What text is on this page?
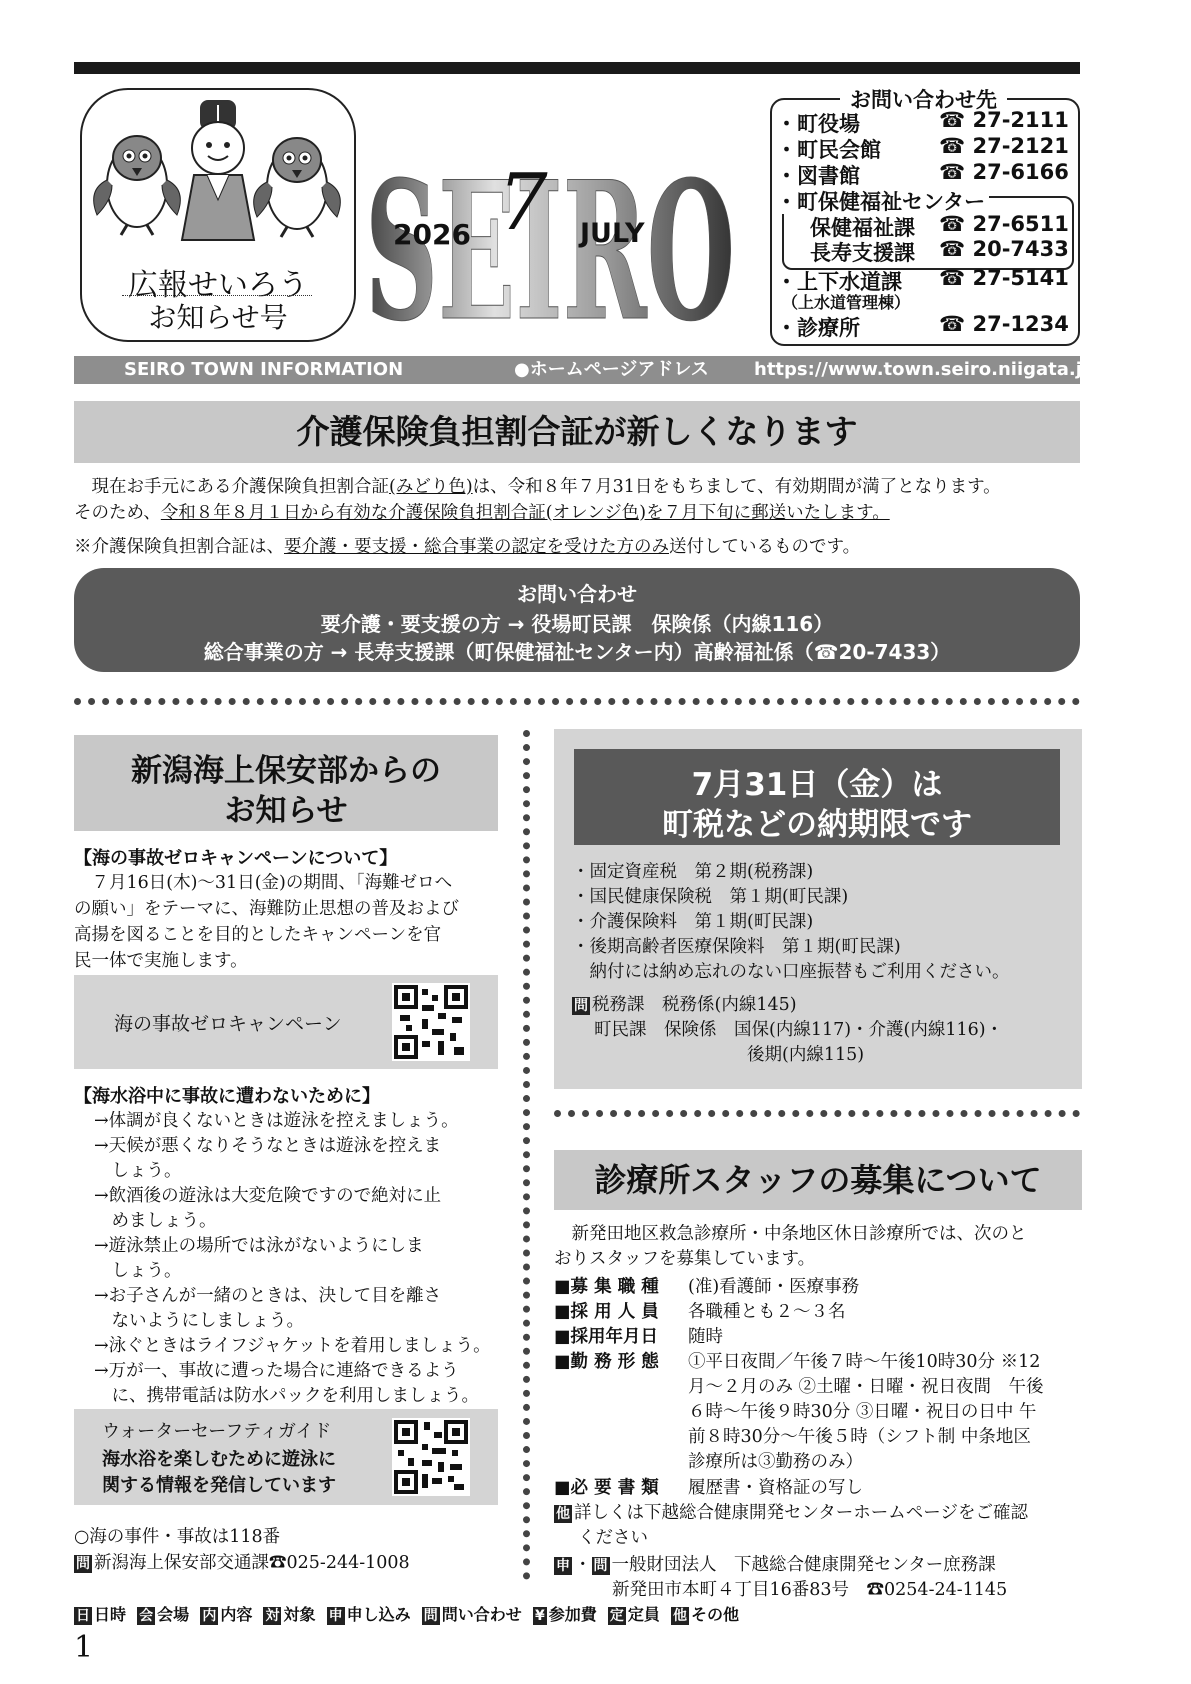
広報せいろう
お知らせ号 SEIRO
2026 7 JULY
お問い合わせ先
・町役場	☎ 27-2111
・町民会館	☎ 27-2121
・図書館	☎ 27-6166
・町保健福祉センター
保健福祉課 ☎ 27-6511
長寿支援課 ☎ 20-7433
・上下水道課 ☎ 27-5141
（上水道管理棟）
・診療所	☎ 27-1234
SEIRO TOWN INFORMATION	●ホームページアドレス	https://www.town.seiro.niigata.jp
介護保険負担割合証が新しくなります
　現在お手元にある介護保険負担割合証(みどり色)は、令和８年７月31日をもちまして、有効期間が満了となります。
そのため、令和８年８月１日から有効な介護保険負担割合証(オレンジ色)を７月下旬に郵送いたします。
※介護保険負担割合証は、要介護・要支援・総合事業の認定を受けた方のみ送付しているものです。
お問い合わせ
要介護・要支援の方 → 役場町民課　保険係（内線116）
総合事業の方 → 長寿支援課（町保健福祉センター内）高齢福祉係（☎20-7433）
新潟海上保安部からの
お知らせ
【海の事故ゼロキャンペーンについて】
　７月16日(木)～31日(金)の期間、「海難ゼロへ
の願い」をテーマに、海難防止思想の普及および
高揚を図ることを目的としたキャンペーンを官
民一体で実施します。
海の事故ゼロキャンペーン
【海水浴中に事故に遭わないために】
→体調が良くないときは遊泳を控えましょう。
→天候が悪くなりそうなときは遊泳を控えま
　しょう。
→飲酒後の遊泳は大変危険ですので絶対に止
　めましょう。
→遊泳禁止の場所では泳がないようにしま
　しょう。
→お子さんが一緒のときは、決して目を離さ
　ないようにしましょう。
→泳ぐときはライフジャケットを着用しましょう。
→万が一、事故に遭った場合に連絡できるよう
　に、携帯電話は防水パックを利用しましょう。
ウォーターセーフティガイド
海水浴を楽しむために遊泳に
関する情報を発信しています
○海の事件・事故は118番
問 新潟海上保安部交通課☎025-244-1008
7月31日（金）は
町税などの納期限です
・固定資産税　第２期(税務課)
・国民健康保険税　第１期(町民課)
・介護保険料　第１期(町民課)
・後期高齢者医療保険料　第１期(町民課)
　納付には納め忘れのない口座振替もご利用ください。
問 税務課　税務係(内線145)
町民課　保険係　国保(内線117)・介護(内線116)・
後期(内線115)
診療所スタッフの募集について
　新発田地区救急診療所・中条地区休日診療所では、次のと
おりスタッフを募集しています。
■募 集 職 種 (准)看護師・医療事務
■採 用 人 員 各職種とも２～３名
■採用年月日 随時
■勤 務 形 態 ①平日夜間／午後７時～午後10時30分 ※12
月～２月のみ ②土曜・日曜・祝日夜間　午後
６時～午後９時30分 ③日曜・祝日の日中 午
前８時30分～午後５時（シフト制 中条地区
診療所は③勤務のみ）
■必 要 書 類 履歴書・資格証の写し
他 詳しくは下越総合健康開発センターホームページをご確認
ください
申 ・ 問 一般財団法人　下越総合健康開発センター庶務課
新発田市本町４丁目16番83号　☎0254-24-1145
日 日時 会 会場 内 内容 対 対象 申 申し込み 問 問い合わせ ¥ 参加費 定 定員 他 その他
1
